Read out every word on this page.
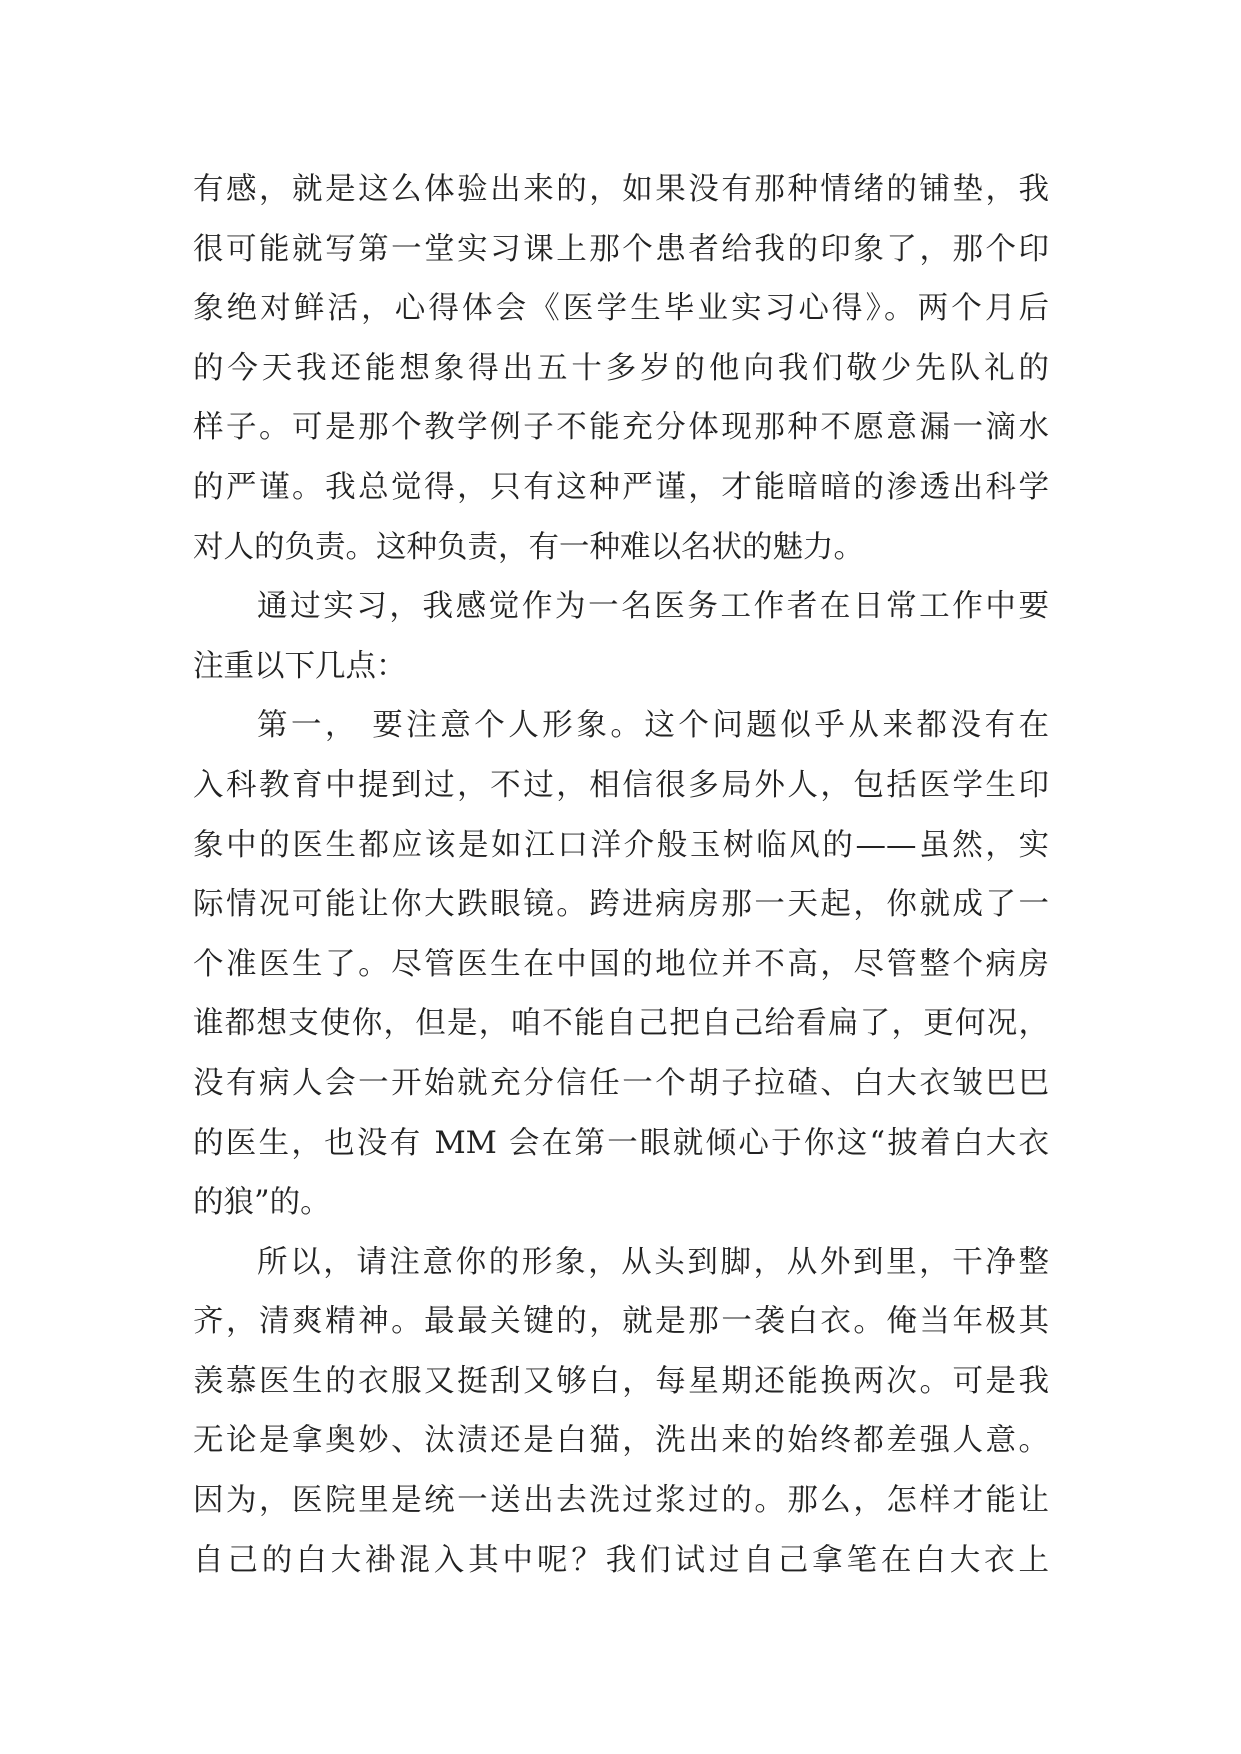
有感，就是这么体验出来的，如果没有那种情绪的铺垫，我
很可能就写第一堂实习课上那个患者给我的印象了，那个印
象绝对鲜活，心得体会《医学生毕业实习心得》。两个月后
的今天我还能想象得出五十多岁的他向我们敬少先队礼的
样子。可是那个教学例子不能充分体现那种不愿意漏一滴水
的严谨。我总觉得，只有这种严谨，才能暗暗的渗透出科学
对人的负责。这种负责，有一种难以名状的魅力。
通过实习，我感觉作为一名医务工作者在日常工作中要
注重以下几点：
第一， 要注意个人形象。这个问题似乎从来都没有在
入科教育中提到过，不过，相信很多局外人，包括医学生印
象中的医生都应该是如江口洋介般玉树临风的——虽然，实
际情况可能让你大跌眼镜。跨进病房那一天起，你就成了一
个准医生了。尽管医生在中国的地位并不高，尽管整个病房
谁都想支使你，但是，咱不能自己把自己给看扁了，更何况，
没有病人会一开始就充分信任一个胡子拉碴、白大衣皱巴巴
的医生，也没有 MM 会在第一眼就倾心于你这“披着白大衣
的狼”的。
所以，请注意你的形象，从头到脚，从外到里，干净整
齐，清爽精神。最最关键的，就是那一袭白衣。俺当年极其
羡慕医生的衣服又挺刮又够白，每星期还能换两次。可是我
无论是拿奥妙、汰渍还是白猫，洗出来的始终都差强人意。
因为，医院里是统一送出去洗过浆过的。那么，怎样才能让
自己的白大褂混入其中呢？我们试过自己拿笔在白大衣上
